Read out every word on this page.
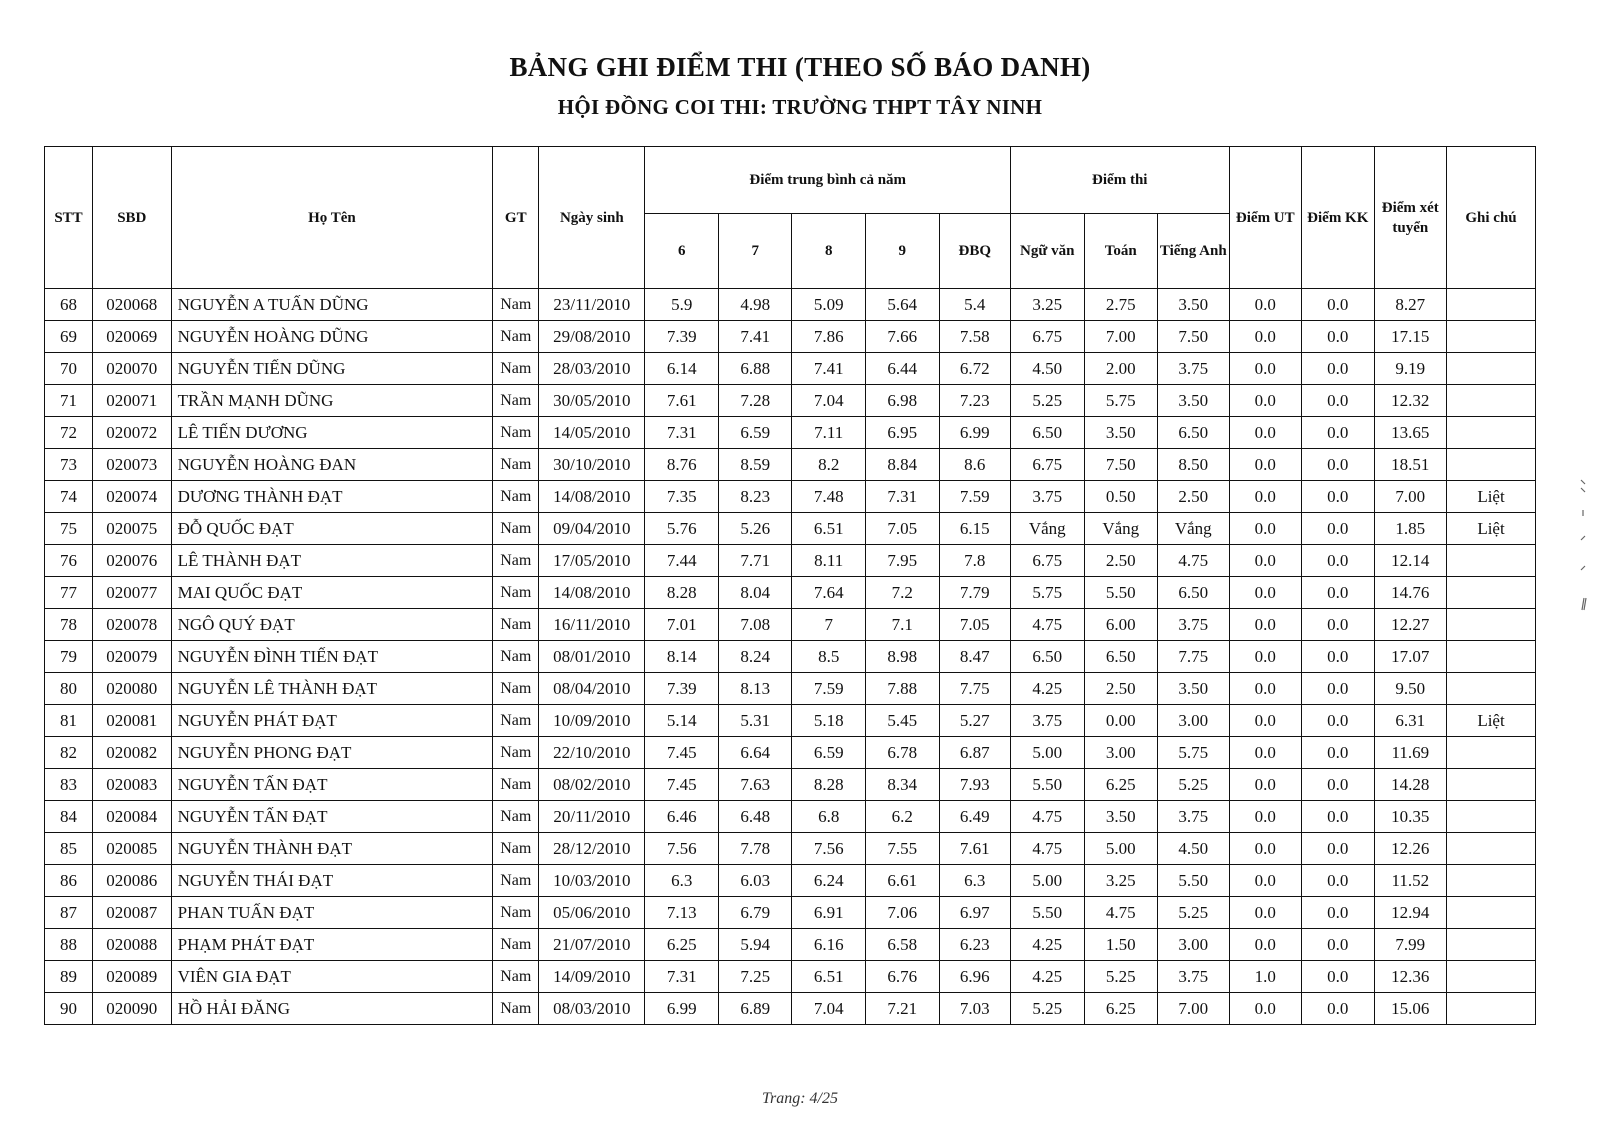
BẢNG GHI ĐIỂM THI (THEO SỐ BÁO DANH)
HỘI ĐỒNG COI THI: TRƯỜNG THPT TÂY NINH
STT	SBD	Họ Tên	GT	Ngày sinh	Điểm trung bình cả năm					Điểm thi			Điểm UT	Điểm KK	Điểm xét tuyển	Ghi chú
					6	7	8	9	ĐBQ	Ngữ văn	Toán	Tiếng Anh				
68	020068	NGUYỄN A TUẤN DŨNG	Nam	23/11/2010	5.9	4.98	5.09	5.64	5.4	3.25	2.75	3.50	0.0	0.0	8.27	
69	020069	NGUYỄN HOÀNG DŨNG	Nam	29/08/2010	7.39	7.41	7.86	7.66	7.58	6.75	7.00	7.50	0.0	0.0	17.15	
70	020070	NGUYỄN TIẾN DŨNG	Nam	28/03/2010	6.14	6.88	7.41	6.44	6.72	4.50	2.00	3.75	0.0	0.0	9.19	
71	020071	TRẦN MẠNH DŨNG	Nam	30/05/2010	7.61	7.28	7.04	6.98	7.23	5.25	5.75	3.50	0.0	0.0	12.32	
72	020072	LÊ TIẾN DƯƠNG	Nam	14/05/2010	7.31	6.59	7.11	6.95	6.99	6.50	3.50	6.50	0.0	0.0	13.65	
73	020073	NGUYỄN HOÀNG ĐAN	Nam	30/10/2010	8.76	8.59	8.2	8.84	8.6	6.75	7.50	8.50	0.0	0.0	18.51	
74	020074	DƯƠNG THÀNH ĐẠT	Nam	14/08/2010	7.35	8.23	7.48	7.31	7.59	3.75	0.50	2.50	0.0	0.0	7.00	Liệt
75	020075	ĐỖ QUỐC ĐẠT	Nam	09/04/2010	5.76	5.26	6.51	7.05	6.15	Vắng	Vắng	Vắng	0.0	0.0	1.85	Liệt
76	020076	LÊ THÀNH ĐẠT	Nam	17/05/2010	7.44	7.71	8.11	7.95	7.8	6.75	2.50	4.75	0.0	0.0	12.14	
77	020077	MAI QUỐC ĐẠT	Nam	14/08/2010	8.28	8.04	7.64	7.2	7.79	5.75	5.50	6.50	0.0	0.0	14.76	
78	020078	NGÔ QUÝ ĐẠT	Nam	16/11/2010	7.01	7.08	7	7.1	7.05	4.75	6.00	3.75	0.0	0.0	12.27	
79	020079	NGUYỄN ĐÌNH TIẾN ĐẠT	Nam	08/01/2010	8.14	8.24	8.5	8.98	8.47	6.50	6.50	7.75	0.0	0.0	17.07	
80	020080	NGUYỄN LÊ THÀNH ĐẠT	Nam	08/04/2010	7.39	8.13	7.59	7.88	7.75	4.25	2.50	3.50	0.0	0.0	9.50	
81	020081	NGUYỄN PHÁT ĐẠT	Nam	10/09/2010	5.14	5.31	5.18	5.45	5.27	3.75	0.00	3.00	0.0	0.0	6.31	Liệt
82	020082	NGUYỄN PHONG ĐẠT	Nam	22/10/2010	7.45	6.64	6.59	6.78	6.87	5.00	3.00	5.75	0.0	0.0	11.69	
83	020083	NGUYỄN TẤN ĐẠT	Nam	08/02/2010	7.45	7.63	8.28	8.34	7.93	5.50	6.25	5.25	0.0	0.0	14.28	
84	020084	NGUYỄN TẤN ĐẠT	Nam	20/11/2010	6.46	6.48	6.8	6.2	6.49	4.75	3.50	3.75	0.0	0.0	10.35	
85	020085	NGUYỄN THÀNH ĐẠT	Nam	28/12/2010	7.56	7.78	7.56	7.55	7.61	4.75	5.00	4.50	0.0	0.0	12.26	
86	020086	NGUYỄN THÁI ĐẠT	Nam	10/03/2010	6.3	6.03	6.24	6.61	6.3	5.00	3.25	5.50	0.0	0.0	11.52	
87	020087	PHAN TUẤN ĐẠT	Nam	05/06/2010	7.13	6.79	6.91	7.06	6.97	5.50	4.75	5.25	0.0	0.0	12.94	
88	020088	PHẠM PHÁT ĐẠT	Nam	21/07/2010	6.25	5.94	6.16	6.58	6.23	4.25	1.50	3.00	0.0	0.0	7.99	
89	020089	VIÊN GIA ĐẠT	Nam	14/09/2010	7.31	7.25	6.51	6.76	6.96	4.25	5.25	3.75	1.0	0.0	12.36	
90	020090	HỒ HẢI ĐĂNG	Nam	08/03/2010	6.99	6.89	7.04	7.21	7.03	5.25	6.25	7.00	0.0	0.0	15.06	
Trang: 4/25
